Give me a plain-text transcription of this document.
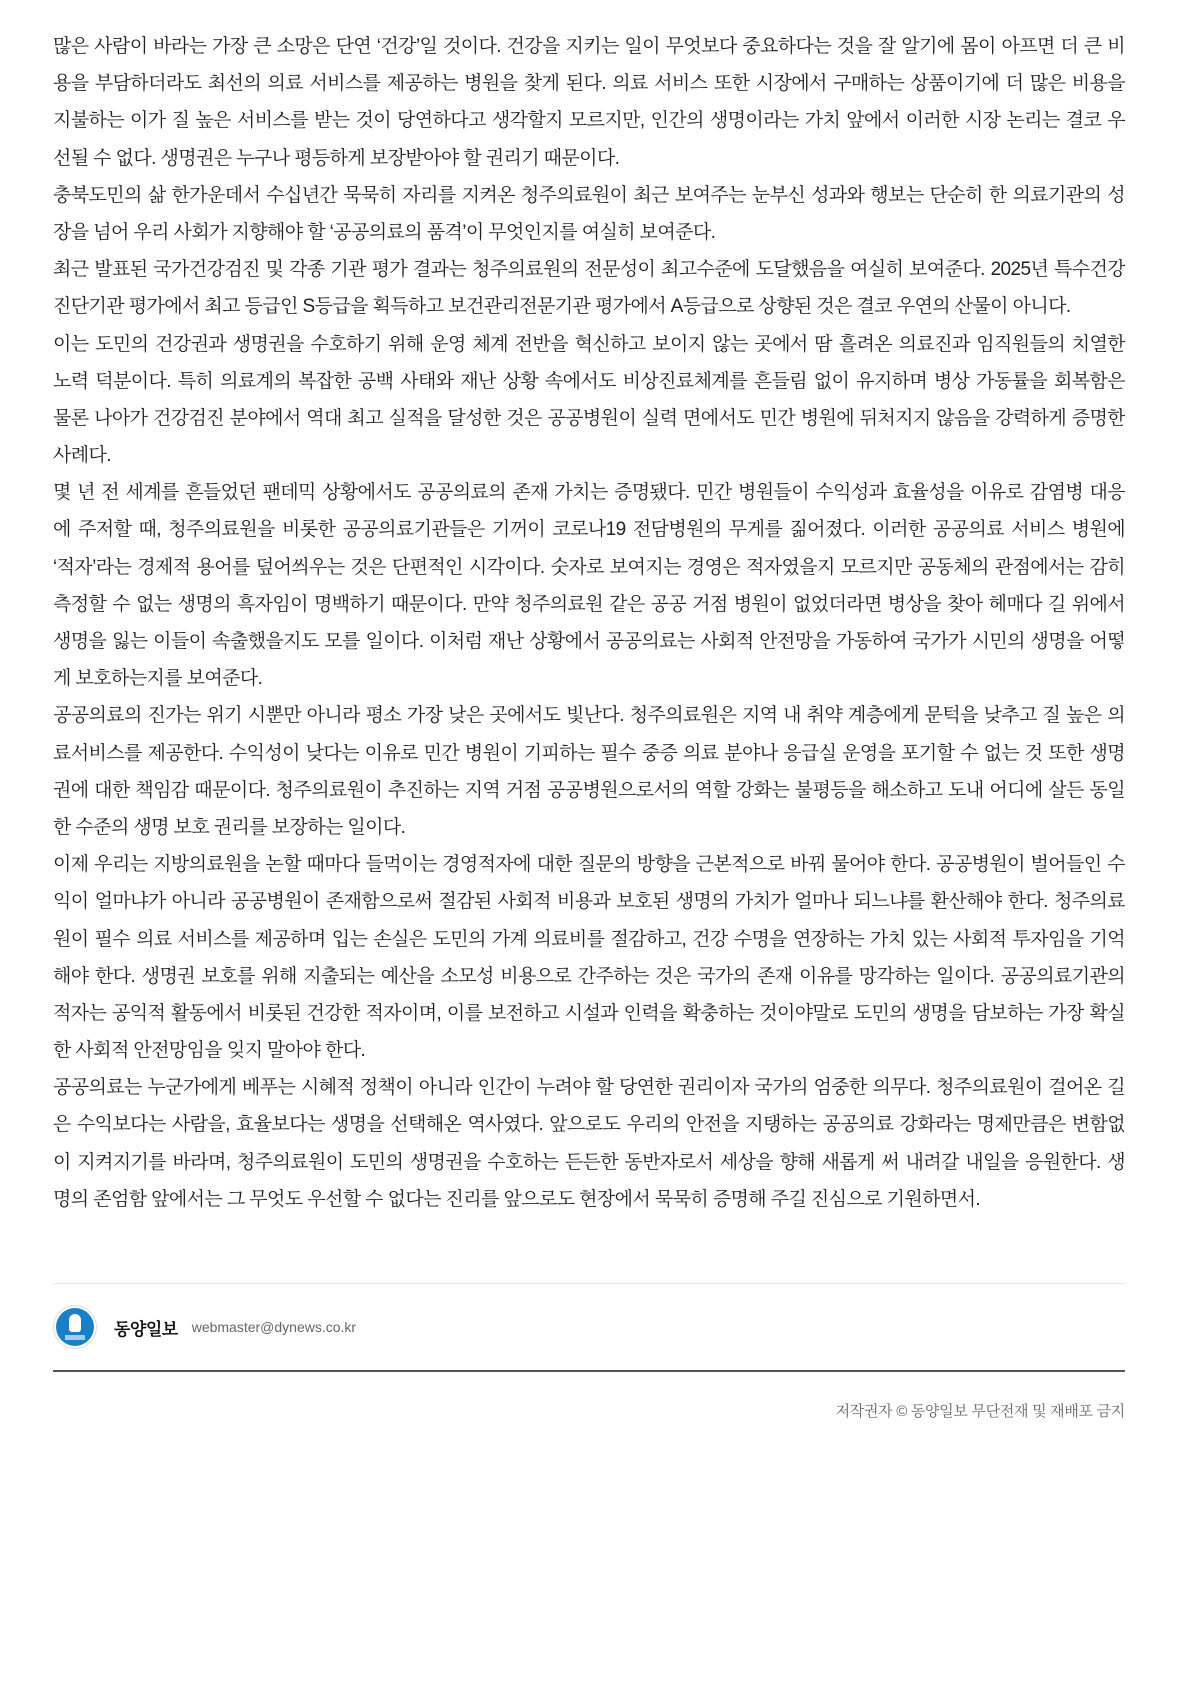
많은 사람이 바라는 가장 큰 소망은 단연 ‘건강’일 것이다. 건강을 지키는 일이 무엇보다 중요하다는 것을 잘 알기에 몸이 아프면 더 큰 비
용을 부담하더라도 최선의 의료 서비스를 제공하는 병원을 찾게 된다. 의료 서비스 또한 시장에서 구매하는 상품이기에 더 많은 비용을
지불하는 이가 질 높은 서비스를 받는 것이 당연하다고 생각할지 모르지만, 인간의 생명이라는 가치 앞에서 이러한 시장 논리는 결코 우
선될 수 없다. 생명권은 누구나 평등하게 보장받아야 할 권리기 때문이다.
충북도민의 삶 한가운데서 수십년간 묵묵히 자리를 지켜온 청주의료원이 최근 보여주는 눈부신 성과와 행보는 단순히 한 의료기관의 성
장을 넘어 우리 사회가 지향해야 할 ‘공공의료의 품격’이 무엇인지를 여실히 보여준다.
최근 발표된 국가건강검진 및 각종 기관 평가 결과는 청주의료원의 전문성이 최고수준에 도달했음을 여실히 보여준다. 2025년 특수건강
진단기관 평가에서 최고 등급인 S등급을 획득하고 보건관리전문기관 평가에서 A등급으로 상향된 것은 결코 우연의 산물이 아니다.
이는 도민의 건강권과 생명권을 수호하기 위해 운영 체계 전반을 혁신하고 보이지 않는 곳에서 땀 흘려온 의료진과 임직원들의 치열한
노력 덕분이다. 특히 의료계의 복잡한 공백 사태와 재난 상황 속에서도 비상진료체계를 흔들림 없이 유지하며 병상 가동률을 회복함은
물론 나아가 건강검진 분야에서 역대 최고 실적을 달성한 것은 공공병원이 실력 면에서도 민간 병원에 뒤처지지 않음을 강력하게 증명한
사례다.
몇 년 전 세계를 흔들었던 팬데믹 상황에서도 공공의료의 존재 가치는 증명됐다. 민간 병원들이 수익성과 효율성을 이유로 감염병 대응
에 주저할 때, 청주의료원을 비롯한 공공의료기관들은 기꺼이 코로나19 전담병원의 무게를 짊어졌다. 이러한 공공의료 서비스 병원에
‘적자’라는 경제적 용어를 덮어씌우는 것은 단편적인 시각이다. 숫자로 보여지는 경영은 적자였을지 모르지만 공동체의 관점에서는 감히
측정할 수 없는 생명의 흑자임이 명백하기 때문이다. 만약 청주의료원 같은 공공 거점 병원이 없었더라면 병상을 찾아 헤매다 길 위에서
생명을 잃는 이들이 속출했을지도 모를 일이다. 이처럼 재난 상황에서 공공의료는 사회적 안전망을 가동하여 국가가 시민의 생명을 어떻
게 보호하는지를 보여준다.
공공의료의 진가는 위기 시뿐만 아니라 평소 가장 낮은 곳에서도 빛난다. 청주의료원은 지역 내 취약 계층에게 문턱을 낮추고 질 높은 의
료서비스를 제공한다. 수익성이 낮다는 이유로 민간 병원이 기피하는 필수 중증 의료 분야나 응급실 운영을 포기할 수 없는 것 또한 생명
권에 대한 책임감 때문이다. 청주의료원이 추진하는 지역 거점 공공병원으로서의 역할 강화는 불평등을 해소하고 도내 어디에 살든 동일
한 수준의 생명 보호 권리를 보장하는 일이다.
이제 우리는 지방의료원을 논할 때마다 들먹이는 경영적자에 대한 질문의 방향을 근본적으로 바꿔 물어야 한다. 공공병원이 벌어들인 수
익이 얼마냐가 아니라 공공병원이 존재함으로써 절감된 사회적 비용과 보호된 생명의 가치가 얼마나 되느냐를 환산해야 한다. 청주의료
원이 필수 의료 서비스를 제공하며 입는 손실은 도민의 가계 의료비를 절감하고, 건강 수명을 연장하는 가치 있는 사회적 투자임을 기억
해야 한다. 생명권 보호를 위해 지출되는 예산을 소모성 비용으로 간주하는 것은 국가의 존재 이유를 망각하는 일이다. 공공의료기관의
적자는 공익적 활동에서 비롯된 건강한 적자이며, 이를 보전하고 시설과 인력을 확충하는 것이야말로 도민의 생명을 담보하는 가장 확실
한 사회적 안전망임을 잊지 말아야 한다.
공공의료는 누군가에게 베푸는 시혜적 정책이 아니라 인간이 누려야 할 당연한 권리이자 국가의 엄중한 의무다. 청주의료원이 걸어온 길
은 수익보다는 사람을, 효율보다는 생명을 선택해온 역사였다. 앞으로도 우리의 안전을 지탱하는 공공의료 강화라는 명제만큼은 변함없
이 지켜지기를 바라며, 청주의료원이 도민의 생명권을 수호하는 든든한 동반자로서 세상을 향해 새롭게 써 내려갈 내일을 응원한다. 생
명의 존엄함 앞에서는 그 무엇도 우선할 수 없다는 진리를 앞으로도 현장에서 묵묵히 증명해 주길 진심으로 기원하면서.
동양일보 webmaster@dynews.co.kr
저작권자 © 동양일보 무단전재 및 재배포 금지
